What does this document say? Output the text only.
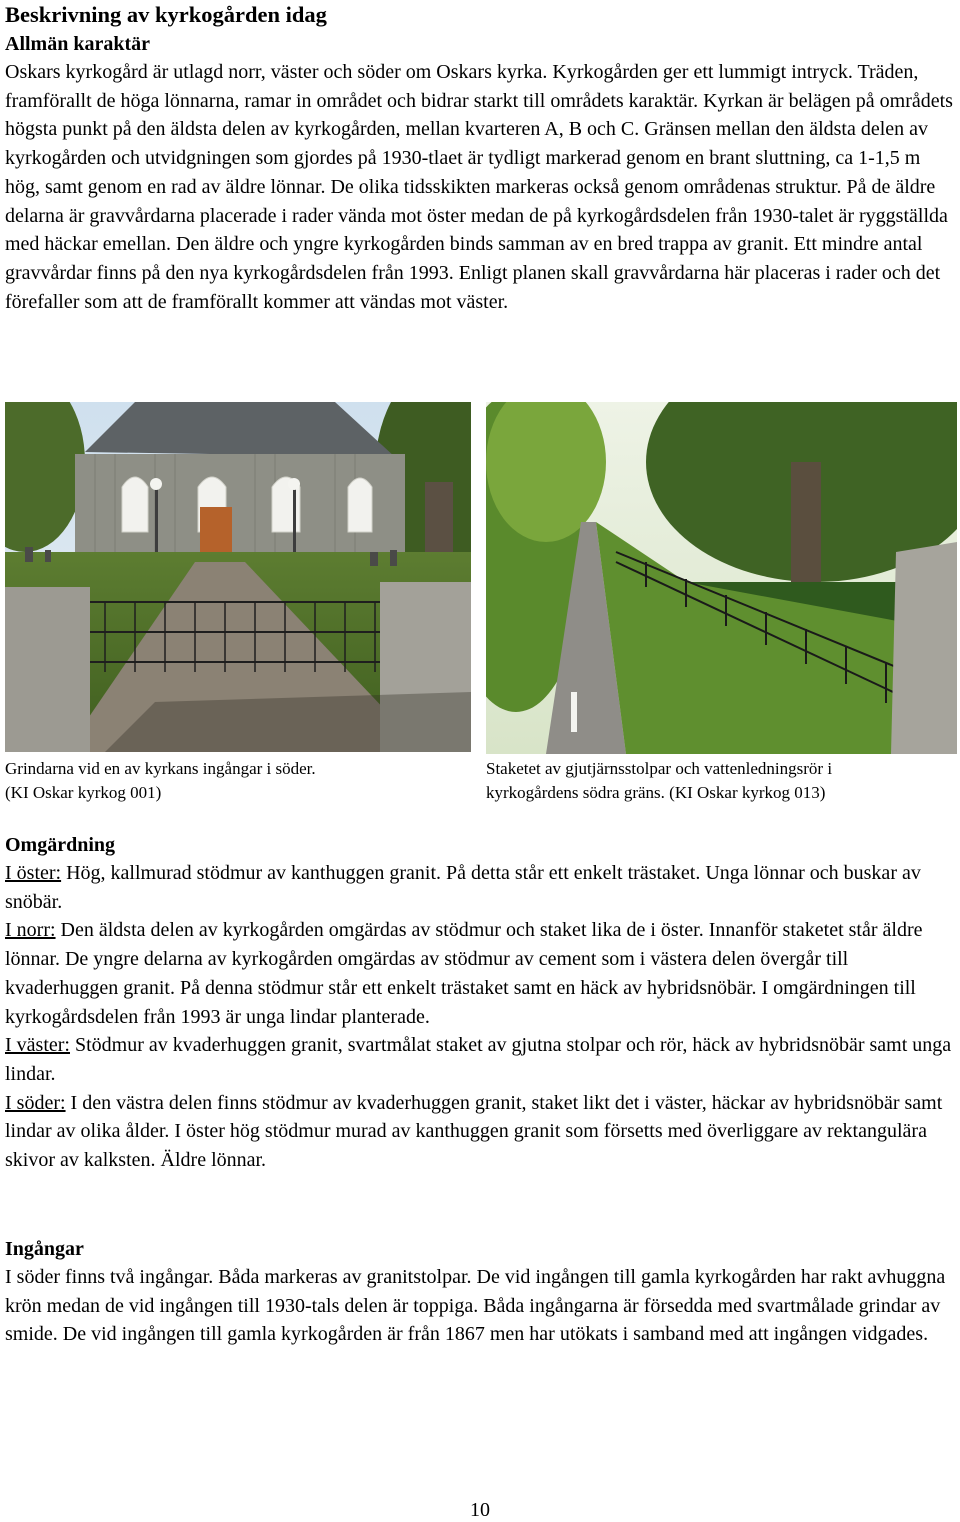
Beskrivning av kyrkogården idag

Allmän karaktär

Oskars kyrkogård är utlagd norr, väster och söder om Oskars kyrka. Kyrkogården ger ett lummigt intryck. Träden, framförallt de höga lönnarna, ramar in området och bidrar starkt till områdets karaktär. Kyrkan är belägen på områdets högsta punkt på den äldsta delen av kyrkogården, mellan kvarteren A, B och C. Gränsen mellan den äldsta delen av kyrkogården och utvidgningen som gjordes på 1930-tlaet är tydligt markerad genom en brant sluttning, ca 1-1,5 m hög, samt genom en rad av äldre lönnar. De olika tidsskikten markeras också genom områdenas struktur. På de äldre delarna är gravvårdarna placerade i rader vända mot öster medan de på kyrkogårdsdelen från 1930-talet är ryggställda med häckar emellan. Den äldre och yngre kyrkogården binds samman av en bred trappa av granit. Ett mindre antal gravvårdar finns på den nya kyrkogårdsdelen från 1993. Enligt planen skall gravvårdarna här placeras i rader och det förefaller som att de framförallt kommer att vändas mot väster.

Grindarna vid en av kyrkans ingångar i söder.
(KI Oskar kyrkog 001)

Staketet av gjutjärnsstolpar och vattenledningsrör i
kyrkogårdens södra gräns. (KI Oskar kyrkog 013)

Omgärdning

I öster: Hög, kallmurad stödmur av kanthuggen granit. På detta står ett enkelt trästaket. Unga lönnar och buskar av snöbär.

I norr: Den äldsta delen av kyrkogården omgärdas av stödmur och staket lika de i öster. Innanför staketet står äldre lönnar. De yngre delarna av kyrkogården omgärdas av stödmur av cement som i västera delen övergår till kvaderhuggen granit. På denna stödmur står ett enkelt trästaket samt en häck av hybridsnöbär. I omgärdningen till kyrkogårdsdelen från 1993 är unga lindar planterade.

I väster: Stödmur av kvaderhuggen granit, svartmålat staket av gjutna stolpar och rör, häck av hybridsnöbär samt unga lindar.

I söder: I den västra delen finns stödmur av kvaderhuggen granit, staket likt det i väster, häckar av hybridsnöbär samt lindar av olika ålder. I öster hög stödmur murad av kanthuggen granit som försetts med överliggare av rektangulära skivor av kalksten. Äldre lönnar.

Ingångar

I söder finns två ingångar. Båda markeras av granitstolpar. De vid ingången till gamla kyrkogården har rakt avhuggna krön medan de vid ingången till 1930-tals delen är toppiga. Båda ingångarna är försedda med svartmålade grindar av smide. De vid ingången till gamla kyrkogården är från 1867 men har utökats i samband med att ingången vidgades.

10
